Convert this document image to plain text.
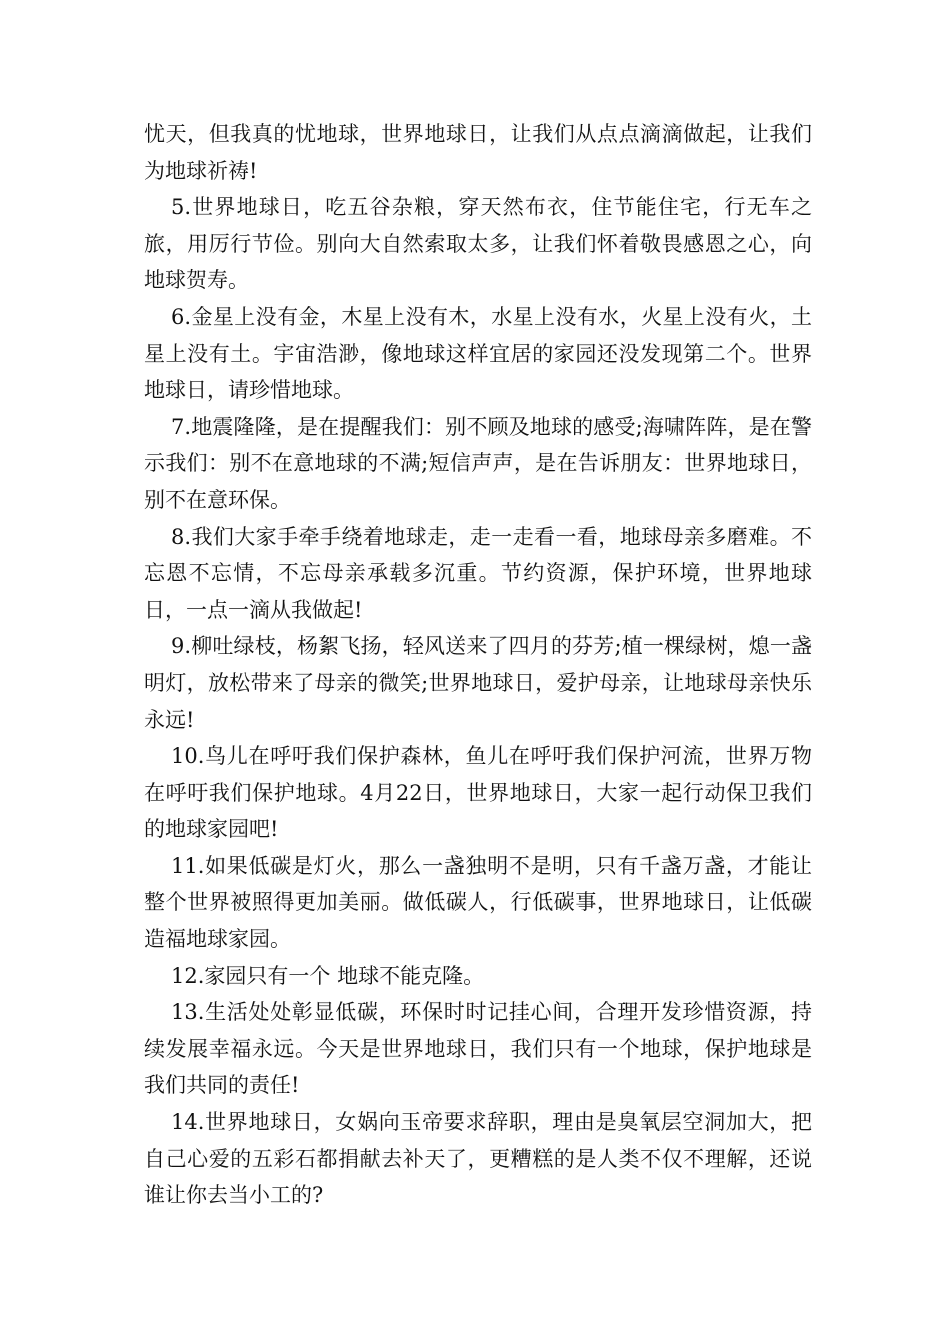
忧天，但我真的忧地球，世界地球日，让我们从点点滴滴做起，让我们为地球祈祷!

5.世界地球日，吃五谷杂粮，穿天然布衣，住节能住宅，行无车之旅，用厉行节俭。别向大自然索取太多，让我们怀着敬畏感恩之心，向地球贺寿。

6.金星上没有金，木星上没有木，水星上没有水，火星上没有火，土星上没有土。宇宙浩渺，像地球这样宜居的家园还没发现第二个。世界地球日，请珍惜地球。

7.地震隆隆，是在提醒我们：别不顾及地球的感受;海啸阵阵，是在警示我们：别不在意地球的不满;短信声声，是在告诉朋友：世界地球日，别不在意环保。

8.我们大家手牵手绕着地球走，走一走看一看，地球母亲多磨难。不忘恩不忘情，不忘母亲承载多沉重。节约资源，保护环境，世界地球日，一点一滴从我做起!

9.柳吐绿枝，杨絮飞扬，轻风送来了四月的芬芳;植一棵绿树，熄一盏明灯，放松带来了母亲的微笑;世界地球日，爱护母亲，让地球母亲快乐永远!

10.鸟儿在呼吁我们保护森林，鱼儿在呼吁我们保护河流，世界万物在呼吁我们保护地球。4月22日，世界地球日，大家一起行动保卫我们的地球家园吧!

11.如果低碳是灯火，那么一盏独明不是明，只有千盏万盏，才能让整个世界被照得更加美丽。做低碳人，行低碳事，世界地球日，让低碳造福地球家园。

12.家园只有一个 地球不能克隆。

13.生活处处彰显低碳，环保时时记挂心间，合理开发珍惜资源，持续发展幸福永远。今天是世界地球日，我们只有一个地球，保护地球是我们共同的责任!

14.世界地球日，女娲向玉帝要求辞职，理由是臭氧层空洞加大，把自己心爱的五彩石都捐献去补天了，更糟糕的是人类不仅不理解，还说谁让你去当小工的?
